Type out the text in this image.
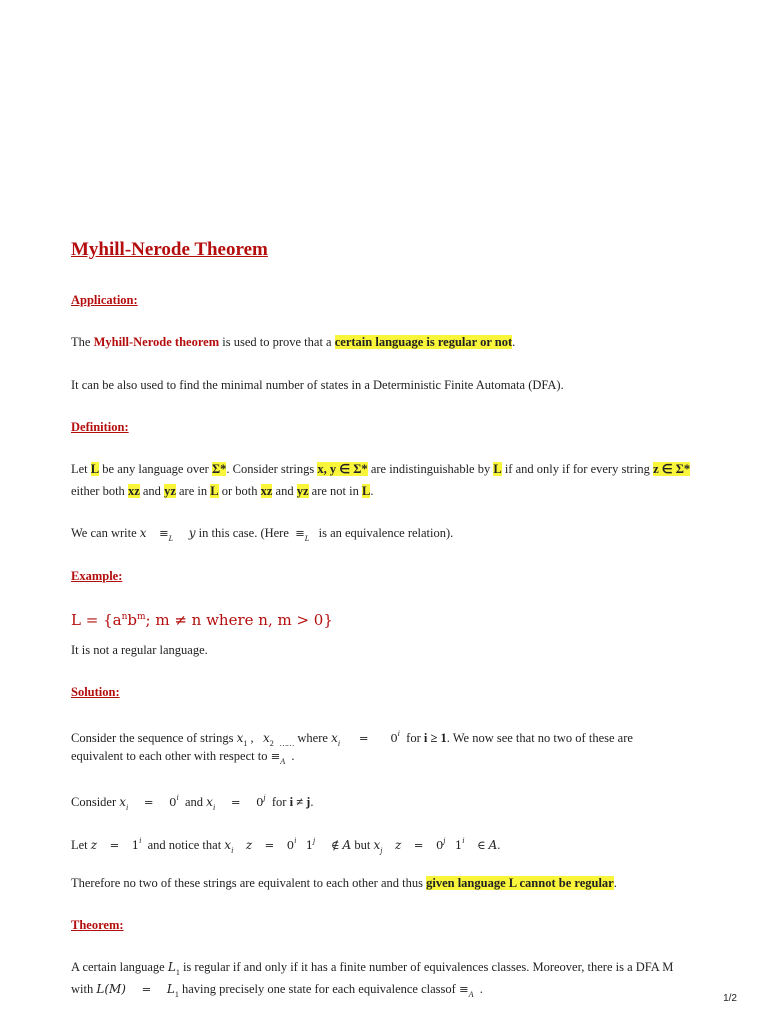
Myhill-Nerode Theorem
Application:
The Myhill-Nerode theorem is used to prove that a certain language is regular or not.
It can be also used to find the minimal number of states in a Deterministic Finite Automata (DFA).
Definition:
Let L be any language over Σ*. Consider strings x, y ∈ Σ* are indistinguishable by L if and only if for every string z ∈ Σ*
either both xz and yz are in L or both xz and yz are not in L.
We can write $x \equiv_L$ y in this case. (Here  $\equiv_L$   is an equivalence relation).
Example:
$L = \{a^nb^m$; m ≠ n where n, m > 0}
It is not a regular language.
Solution:
Consider the sequence of strings $x_1$ , $x_2$ $_{\dots\dots}$ where $x_i = 0^i$ for i ≥ 1. We now see that no two of these are
equivalent to each other with respect to $\equiv_A$ .
Consider $x_i = 0^i$ and $x_i = 0^j$ for i ≠ j.
Let $z = 1^i$ and notice that $x_i$ $z = 0^i$ 1$^j$ ∉ A but $x_j$ $z = 0^j$ 1$^i$ ∈ A.
Therefore no two of these strings are equivalent to each other and thus given language L cannot be regular.
Theorem:
A certain language $L_1$ is regular if and only if it has a finite number of equivalences classes. Moreover, there is a DFA M
with $L(M) = L_1$ having precisely one state for each equivalence classof $\equiv_A$ .
1/2
